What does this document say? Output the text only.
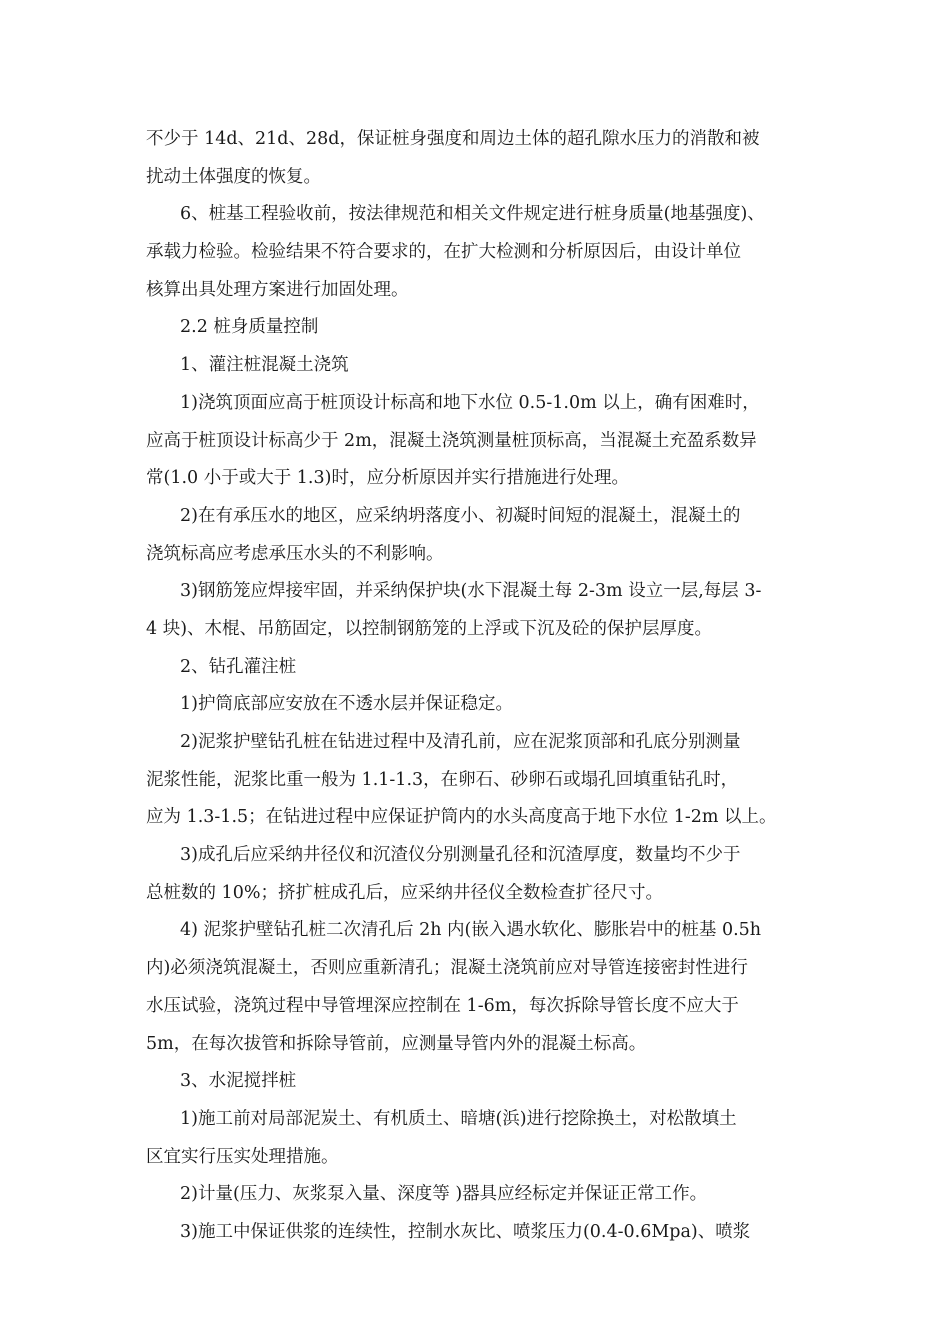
不少于 14d、21d、28d，保证桩身强度和周边土体的超孔隙水压力的消散和被
扰动土体强度的恢复。
6、桩基工程验收前，按法律规范和相关文件规定进行桩身质量(地基强度)、
承载力检验。检验结果不符合要求的，在扩大检测和分析原因后，由设计单位
核算出具处理方案进行加固处理。
2.2 桩身质量控制
1、灌注桩混凝土浇筑
1)浇筑顶面应高于桩顶设计标高和地下水位 0.5-1.0m 以上，确有困难时，
应高于桩顶设计标高少于 2m，混凝土浇筑测量桩顶标高，当混凝土充盈系数异
常(1.0 小于或大于 1.3)时，应分析原因并实行措施进行处理。
2)在有承压水的地区，应采纳坍落度小、初凝时间短的混凝土，混凝土的
浇筑标高应考虑承压水头的不利影响。
3)钢筋笼应焊接牢固，并采纳保护块(水下混凝土每 2-3m 设立一层,每层 3-
4 块)、木棍、吊筋固定，以控制钢筋笼的上浮或下沉及砼的保护层厚度。
2、钻孔灌注桩
1)护筒底部应安放在不透水层并保证稳定。
2)泥浆护壁钻孔桩在钻进过程中及清孔前，应在泥浆顶部和孔底分别测量
泥浆性能，泥浆比重一般为 1.1-1.3，在卵石、砂卵石或塌孔回填重钻孔时，
应为 1.3-1.5；在钻进过程中应保证护筒内的水头高度高于地下水位 1-2m 以上。
3)成孔后应采纳井径仪和沉渣仪分别测量孔径和沉渣厚度，数量均不少于
总桩数的 10%；挤扩桩成孔后，应采纳井径仪全数检查扩径尺寸。
4) 泥浆护壁钻孔桩二次清孔后 2h 内(嵌入遇水软化、膨胀岩中的桩基 0.5h
内)必须浇筑混凝土，否则应重新清孔；混凝土浇筑前应对导管连接密封性进行
水压试验，浇筑过程中导管埋深应控制在 1-6m，每次拆除导管长度不应大于
5m，在每次拔管和拆除导管前，应测量导管内外的混凝土标高。
3、水泥搅拌桩
1)施工前对局部泥炭土、有机质土、暗塘(浜)进行挖除换土，对松散填土
区宜实行压实处理措施。
2)计量(压力、灰浆泵入量、深度等 )器具应经标定并保证正常工作。
3)施工中保证供浆的连续性，控制水灰比、喷浆压力(0.4-0.6Mpa)、喷浆
